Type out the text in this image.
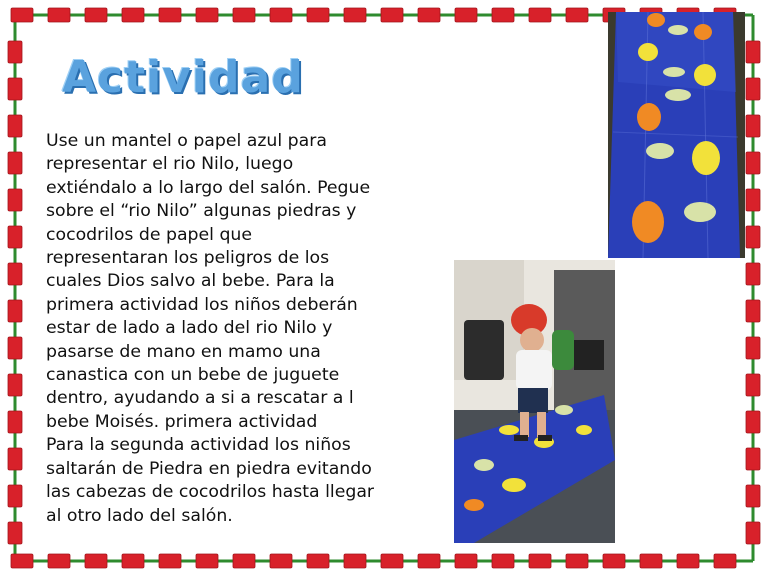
Actividad
Use un mantel o papel azul para
representar el rio Nilo, luego
extiéndalo a lo largo del salón. Pegue
sobre el “rio Nilo” algunas piedras y
cocodrilos de papel que
representaran los peligros de los
cuales Dios salvo al bebe. Para la
primera actividad los niños deberán
estar de lado a lado del rio Nilo y
pasarse de mano en mamo una
canastica con un bebe de juguete
dentro, ayudando a si a rescatar a l
bebe Moisés. primera actividad
Para la segunda actividad los niños
saltarán de Piedra en piedra evitando
las cabezas de cocodrilos hasta llegar
al otro lado del salón.
